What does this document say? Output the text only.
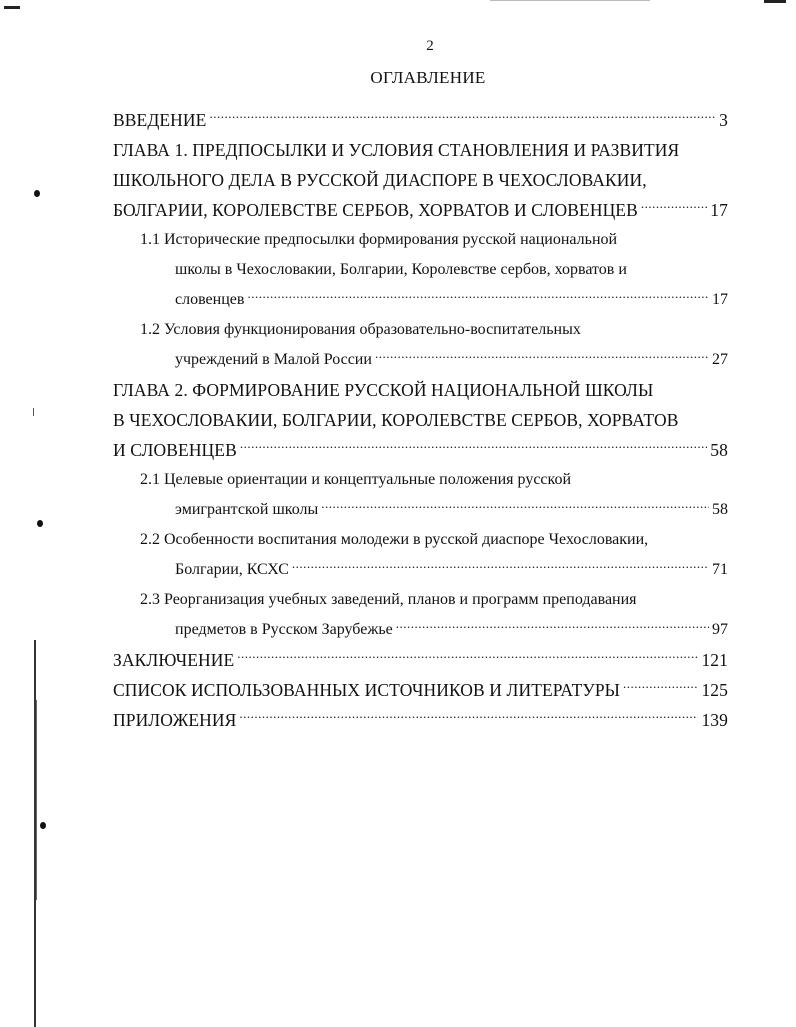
2
ОГЛАВЛЕНИЕ
ВВЕДЕНИЕ .....	3
ГЛАВА 1. ПРЕДПОСЫЛКИ И УСЛОВИЯ СТАНОВЛЕНИЯ И РАЗВИТИЯ
ШКОЛЬНОГО ДЕЛА В РУССКОЙ ДИАСПОРЕ В ЧЕХОСЛОВАКИИ,
БОЛГАРИИ, КОРОЛЕВСТВЕ СЕРБОВ, ХОРВАТОВ И СЛОВЕНЦЕВ .....	17
1.1 Исторические предпосылки формирования русской национальной
школы в Чехословакии, Болгарии, Королевстве сербов, хорватов и
словенцев .....	17
1.2 Условия функционирования образовательно-воспитательных
учреждений в Малой России .....	27
ГЛАВА 2. ФОРМИРОВАНИЕ РУССКОЙ НАЦИОНАЛЬНОЙ ШКОЛЫ
В ЧЕХОСЛОВАКИИ, БОЛГАРИИ, КОРОЛЕВСТВЕ СЕРБОВ, ХОРВАТОВ
И СЛОВЕНЦЕВ .....	58
2.1 Целевые ориентации и концептуальные положения русской
эмигрантской школы .....	58
2.2 Особенности воспитания молодежи в русской диаспоре Чехословакии,
Болгарии, КСХС .....	71
2.3 Реорганизация учебных заведений, планов и программ преподавания
предметов в Русском Зарубежье .....	97
ЗАКЛЮЧЕНИЕ .....	121
СПИСОК ИСПОЛЬЗОВАННЫХ ИСТОЧНИКОВ И ЛИТЕРАТУРЫ .....	125
ПРИЛОЖЕНИЯ .....	139
